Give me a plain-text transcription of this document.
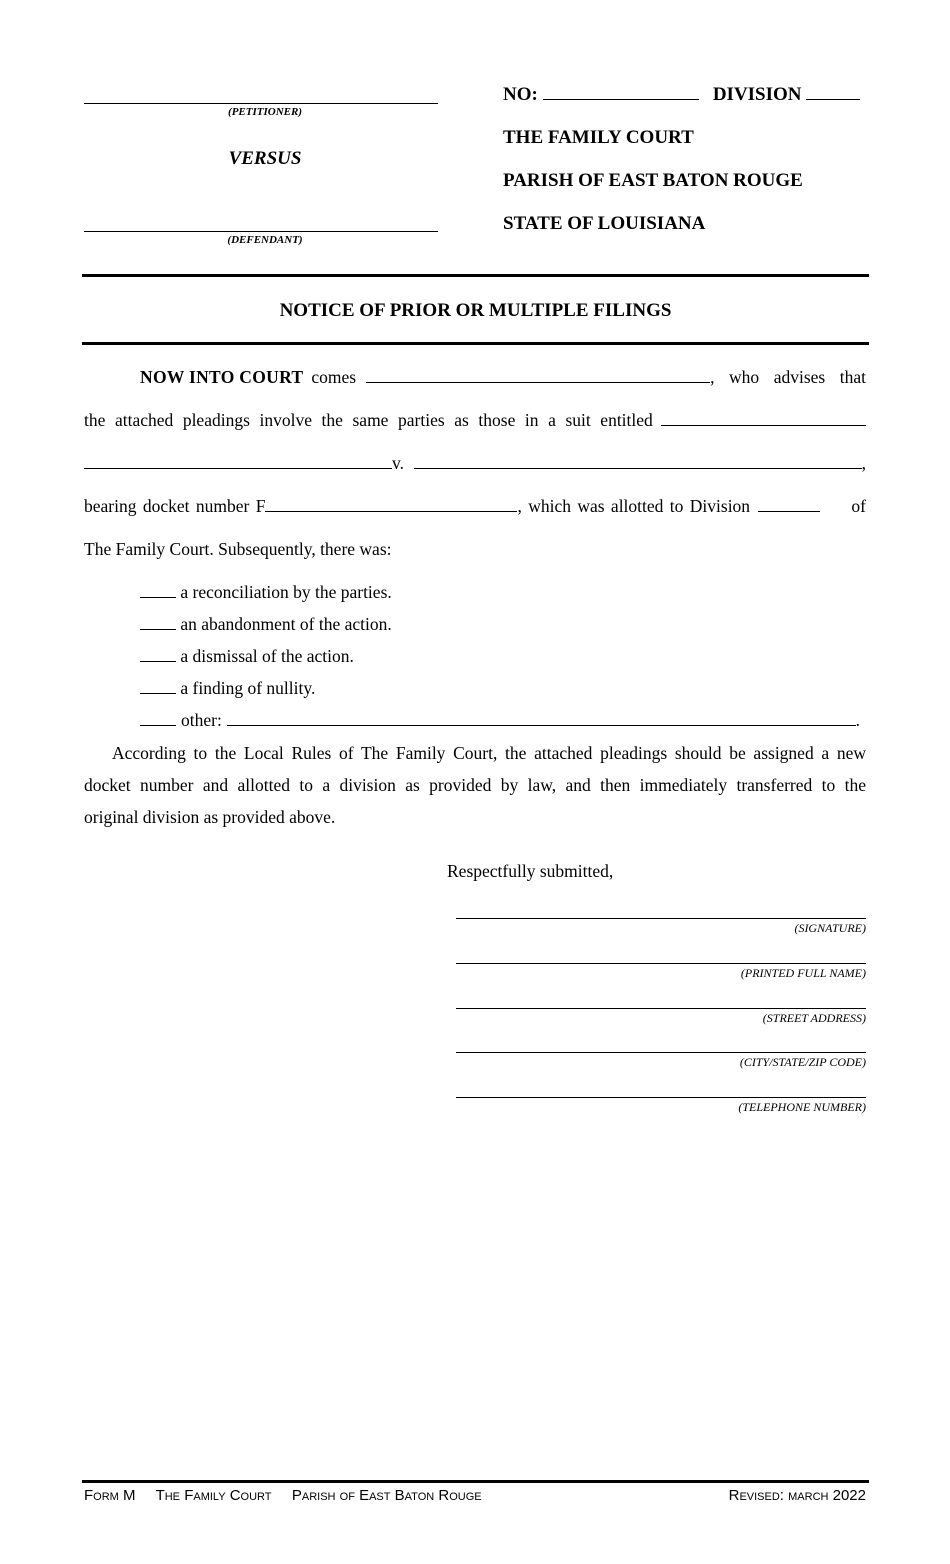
(PETITIONER)
VERSUS
(DEFENDANT)
NO:	DIVISION
THE FAMILY COURT
PARISH OF EAST BATON ROUGE
STATE OF LOUISIANA
NOTICE OF PRIOR OR MULTIPLE FILINGS
NOW INTO COURT comes	, who advises that
the attached pleadings involve the same parties as those in a suit entitled
v.	,
bearing docket number F	, which was allotted to Division	of
The Family Court. Subsequently, there was:
a reconciliation by the parties.
an abandonment of the action.
a dismissal of the action.
a finding of nullity.
other:	.
According to the Local Rules of The Family Court, the attached pleadings should be assigned a new
docket number and allotted to a division as provided by law, and then immediately transferred to the
original division as provided above.
Respectfully submitted,
(SIGNATURE)
(PRINTED FULL NAME)
(STREET ADDRESS)
(CITY/STATE/ZIP CODE)
(TELEPHONE NUMBER)
Form M The Family Court Parish of East Baton Rouge	Revised: march 2022
